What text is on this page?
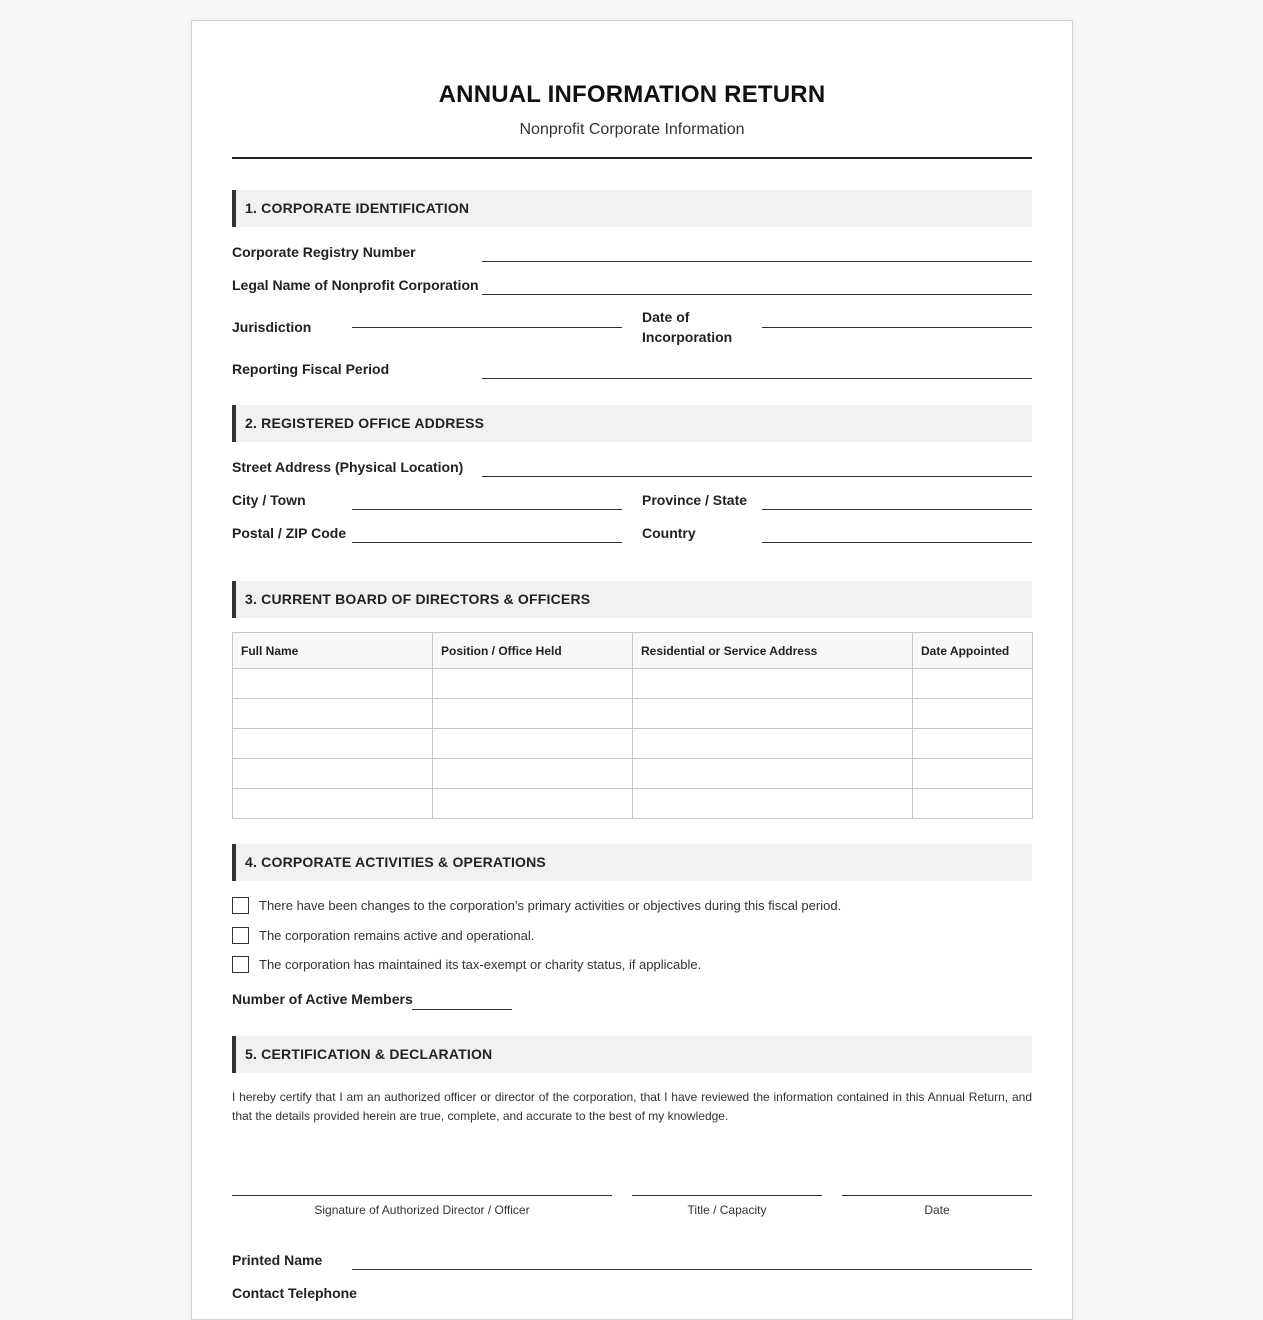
ANNUAL INFORMATION RETURN
Nonprofit Corporate Information
1. CORPORATE IDENTIFICATION
Corporate Registry Number
Legal Name of Nonprofit Corporation
Jurisdiction
Date of Incorporation
Reporting Fiscal Period
2. REGISTERED OFFICE ADDRESS
Street Address (Physical Location)
City / Town	Province / State
Postal / ZIP Code	Country
3. CURRENT BOARD OF DIRECTORS & OFFICERS
Full Name	Position / Office Held	Residential or Service Address	Date Appointed

4. CORPORATE ACTIVITIES & OPERATIONS
There have been changes to the corporation’s primary activities or objectives during this fiscal period.
The corporation remains active and operational.
The corporation has maintained its tax-exempt or charity status, if applicable.
Number of Active Members
5. CERTIFICATION & DECLARATION
I hereby certify that I am an authorized officer or director of the corporation, that I have reviewed the information contained in this Annual Return, and that the details provided herein are true, complete, and accurate to the best of my knowledge.
Signature of Authorized Director / Officer	Title / Capacity	Date
Printed Name
Contact Telephone
